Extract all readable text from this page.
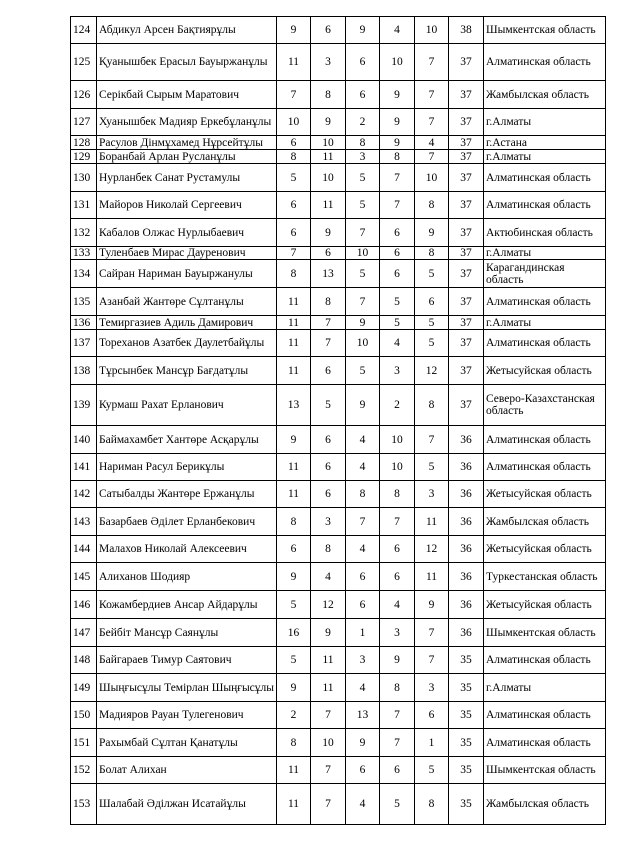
124	Абдикул Арсен Бақтиярұлы	9	6	9	4	10	38	Шымкентская область
125	Қуанышбек Ерасыл Бауыржанұлы	11	3	6	10	7	37	Алматинская область
126	Серікбай Сырым Маратович	7	8	6	9	7	37	Жамбылская область
127	Хуанышбек Мадияр Еркебұланұлы	10	9	2	9	7	37	г.Алматы
128	Расулов Дінмұхамед Нұрсейтұлы	6	10	8	9	4	37	г.Астана
129	Боранбай Арлан Русланұлы	8	11	3	8	7	37	г.Алматы
130	Нурланбек Санат Рустамулы	5	10	5	7	10	37	Алматинская область
131	Майоров Николай Сергеевич	6	11	5	7	8	37	Алматинская область
132	Кабалов Олжас Нурлыбаевич	6	9	7	6	9	37	Актюбинская область
133	Туленбаев Мирас Дауренович	7	6	10	6	8	37	г.Алматы
134	Сайран Нариман Бауыржанулы	8	13	5	6	5	37	Карагандинская область
135	Азанбай Жантөре Сұлтанұлы	11	8	7	5	6	37	Алматинская область
136	Темиргазиев Адиль Дамирович	11	7	9	5	5	37	г.Алматы
137	Тореханов Азатбек Даулетбайұлы	11	7	10	4	5	37	Алматинская область
138	Тұрсынбек Мансұр Бағдатұлы	11	6	5	3	12	37	Жетысуйская область
139	Курмаш Рахат Ерланович	13	5	9	2	8	37	Северо-Казахстанская область
140	Баймахамбет Хантөре Асқарұлы	9	6	4	10	7	36	Алматинская область
141	Нариман Расул Берикұлы	11	6	4	10	5	36	Алматинская область
142	Сатыбалды Жантөре Ержанұлы	11	6	8	8	3	36	Жетысуйская область
143	Базарбаев Әділет Ерланбекович	8	3	7	7	11	36	Жамбылская область
144	Малахов Николай Алексеевич	6	8	4	6	12	36	Жетысуйская область
145	Алиханов Шодияр	9	4	6	6	11	36	Туркестанская область
146	Кожамбердиев Ансар Айдарұлы	5	12	6	4	9	36	Жетысуйская область
147	Бейбіт Мансұр Саянұлы	16	9	1	3	7	36	Шымкентская область
148	Байгараев Тимур Саятович	5	11	3	9	7	35	Алматинская область
149	Шыңғысұлы Темірлан Шыңғысұлы	9	11	4	8	3	35	г.Алматы
150	Мадияров Рауан Тулегенович	2	7	13	7	6	35	Алматинская область
151	Рахымбай Сұлтан Қанатұлы	8	10	9	7	1	35	Алматинская область
152	Болат Алихан	11	7	6	6	5	35	Шымкентская область
153	Шалабай Әділжан Исатайұлы	11	7	4	5	8	35	Жамбылская область
